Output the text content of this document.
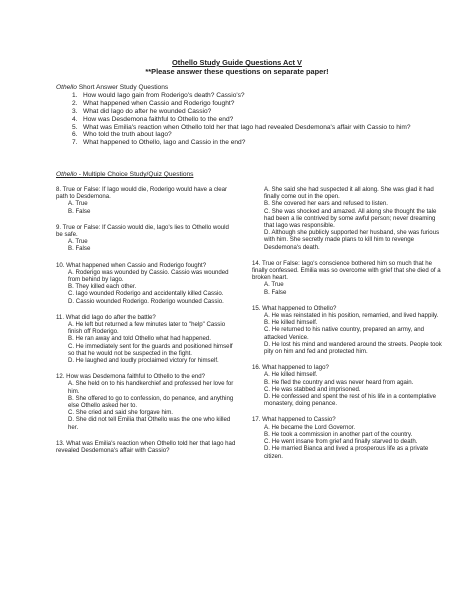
Othello Study Guide Questions Act V
**Please answer these questions on separate paper!

Othello Short Answer Study Questions

1. How would Iago gain from Roderigo's death? Cassio's?
2. What happened when Cassio and Roderigo fought?
3. What did Iago do after he wounded Cassio?
4. How was Desdemona faithful to Othello to the end?
5. What was Emilia's reaction when Othello told her that Iago had revealed Desdemona's affair with Cassio to him?
6. Who told the truth about Iago?
7. What happened to Othello, Iago and Cassio in the end?
Othello - Multiple Choice Study/Quiz Questions

8. True or False: If Iago would die, Roderigo would have a clear path to Desdemona.

A. True

B. False

9. True or False: If Cassio would die, Iago's lies to Othello would be safe.

A. True

B. False

10. What happened when Cassio and Roderigo fought?

A. Roderigo was wounded by Cassio. Cassio was wounded from behind by Iago.

B. They killed each other.

C. Iago wounded Roderigo and accidentally killed Cassio.

D. Cassio wounded Roderigo. Roderigo wounded Cassio.

11. What did Iago do after the battle?

A. He left but returned a few minutes later to "help" Cassio finish off Roderigo.

B. He ran away and told Othello what had happened.

C. He immediately sent for the guards and positioned himself so that he would not be suspected in the fight.

D. He laughed and loudly proclaimed victory for himself.

12. How was Desdemona faithful to Othello to the end?

A. She held on to his handkerchief and professed her love for him.

B. She offered to go to confession, do penance, and anything else Othello asked her to.

C. She cried and said she forgave him.

D. She did not tell Emilia that Othello was the one who killed her.

13. What was Emilia's reaction when Othello told her that Iago had revealed Desdemona's affair with Cassio?

A. She said she had suspected it all along. She was glad it had finally come out in the open.

B. She covered her ears and refused to listen.

C. She was shocked and amazed. All along she thought the tale had been a lie contrived by some awful person; never dreaming that Iago was responsible.

D. Although she publicly supported her husband, she was furious with him. She secretly made plans to kill him to revenge Desdemona's death.

14. True or False: Iago's conscience bothered him so much that he finally confessed. Emilia was so overcome with grief that she died of a broken heart.

A. True

B. False

15. What happened to Othello?

A. He was reinstated in his position, remarried, and lived happily.

B. He killed himself.

C. He returned to his native country, prepared an army, and attacked Venice.

D. He lost his mind and wandered around the streets. People took pity on him and fed and protected him.

16. What happened to Iago?

A. He killed himself.

B. He fled the country and was never heard from again.

C. He was stabbed and imprisoned.

D. He confessed and spent the rest of his life in a contemplative monastery, doing penance.

17. What happened to Cassio?

A. He became the Lord Governor.

B. He took a commission in another part of the country.

C. He went insane from grief and finally starved to death.

D. He married Bianca and lived a prosperous life as a private citizen.
